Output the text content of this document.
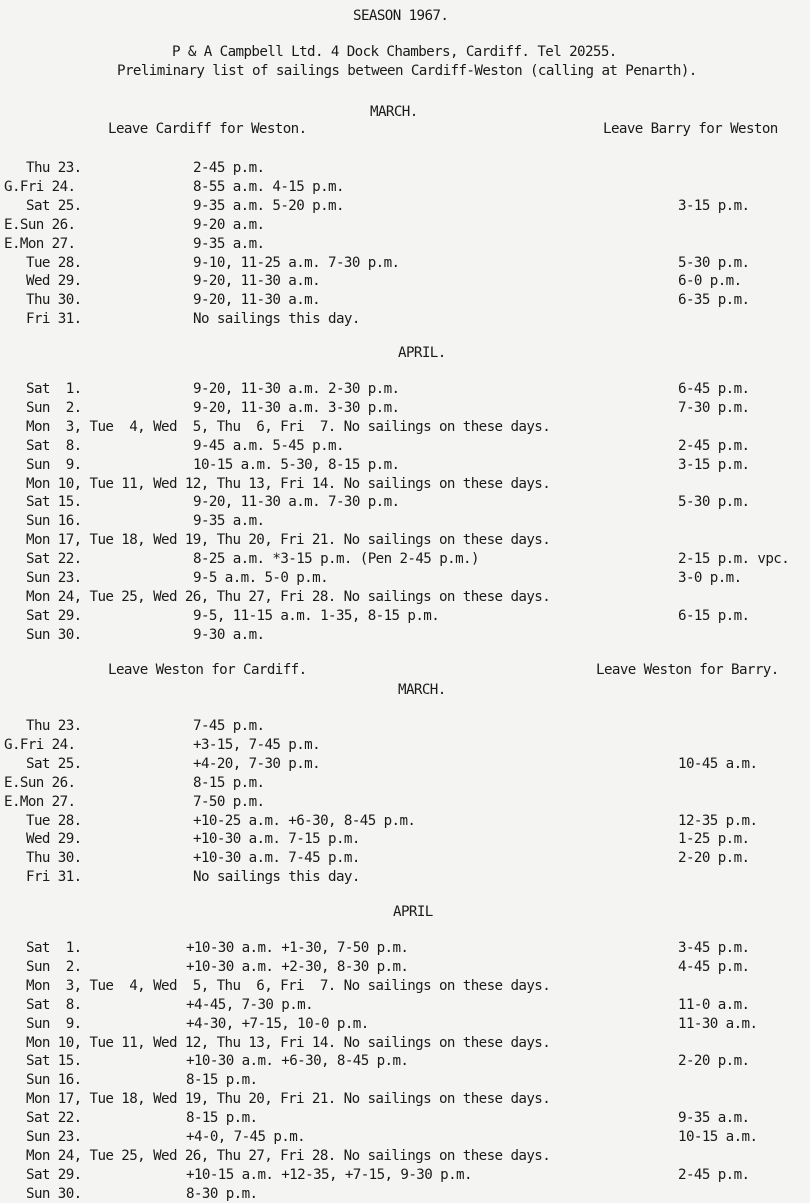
SEASON 1967.
P & A Campbell Ltd. 4 Dock Chambers, Cardiff. Tel 20255.
Preliminary list of sailings between Cardiff-Weston (calling at Penarth).
MARCH.
Leave Cardiff for Weston.	Leave Barry for Weston
Thu 23.	2-45 p.m.
G.Fri 24.	8-55 a.m. 4-15 p.m.
Sat 25.	9-35 a.m. 5-20 p.m.	3-15 p.m.
E.Sun 26.	9-20 a.m.
E.Mon 27.	9-35 a.m.
Tue 28.	9-10, 11-25 a.m. 7-30 p.m.	5-30 p.m.
Wed 29.	9-20, 11-30 a.m.	6-0 p.m.
Thu 30.	9-20, 11-30 a.m.	6-35 p.m.
Fri 31.	No sailings this day.
APRIL.
Sat  1.	9-20, 11-30 a.m. 2-30 p.m.	6-45 p.m.
Sun  2.	9-20, 11-30 a.m. 3-30 p.m.	7-30 p.m.
Mon  3, Tue  4, Wed  5, Thu  6, Fri  7. No sailings on these days.
Sat  8.	9-45 a.m. 5-45 p.m.	2-45 p.m.
Sun  9.	10-15 a.m. 5-30, 8-15 p.m.	3-15 p.m.
Mon 10, Tue 11, Wed 12, Thu 13, Fri 14. No sailings on these days.
Sat 15.	9-20, 11-30 a.m. 7-30 p.m.	5-30 p.m.
Sun 16.	9-35 a.m.
Mon 17, Tue 18, Wed 19, Thu 20, Fri 21. No sailings on these days.
Sat 22.	8-25 a.m. *3-15 p.m. (Pen 2-45 p.m.)	2-15 p.m. vpc.
Sun 23.	9-5 a.m. 5-0 p.m.	3-0 p.m.
Mon 24, Tue 25, Wed 26, Thu 27, Fri 28. No sailings on these days.
Sat 29.	9-5, 11-15 a.m. 1-35, 8-15 p.m.	6-15 p.m.
Sun 30.	9-30 a.m.
Leave Weston for Cardiff.	Leave Weston for Barry.
MARCH.
Thu 23.	7-45 p.m.
G.Fri 24.	+3-15, 7-45 p.m.
Sat 25.	+4-20, 7-30 p.m.	10-45 a.m.
E.Sun 26.	8-15 p.m.
E.Mon 27.	7-50 p.m.
Tue 28.	+10-25 a.m. +6-30, 8-45 p.m.	12-35 p.m.
Wed 29.	+10-30 a.m. 7-15 p.m.	1-25 p.m.
Thu 30.	+10-30 a.m. 7-45 p.m.	2-20 p.m.
Fri 31.	No sailings this day.
APRIL
Sat  1.	+10-30 a.m. +1-30, 7-50 p.m.	3-45 p.m.
Sun  2.	+10-30 a.m. +2-30, 8-30 p.m.	4-45 p.m.
Mon  3, Tue  4, Wed  5, Thu  6, Fri  7. No sailings on these days.
Sat  8.	+4-45, 7-30 p.m.	11-0 a.m.
Sun  9.	+4-30, +7-15, 10-0 p.m.	11-30 a.m.
Mon 10, Tue 11, Wed 12, Thu 13, Fri 14. No sailings on these days.
Sat 15.	+10-30 a.m. +6-30, 8-45 p.m.	2-20 p.m.
Sun 16.	8-15 p.m.
Mon 17, Tue 18, Wed 19, Thu 20, Fri 21. No sailings on these days.
Sat 22.	8-15 p.m.	9-35 a.m.
Sun 23.	+4-0, 7-45 p.m.	10-15 a.m.
Mon 24, Tue 25, Wed 26, Thu 27, Fri 28. No sailings on these days.
Sat 29.	+10-15 a.m. +12-35, +7-15, 9-30 p.m.	2-45 p.m.
Sun 30.	8-30 p.m.
